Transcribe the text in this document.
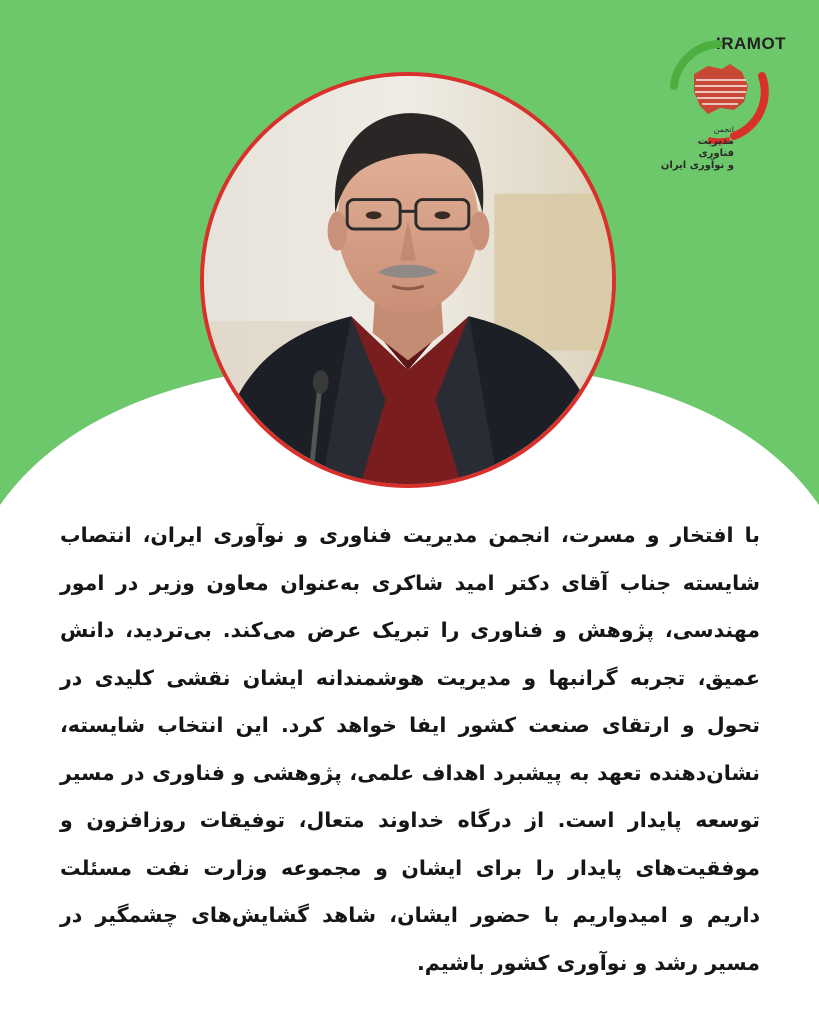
IRAMOT

انجمن
مدیریت فناوری
و نوآوری ایران

با افتخار و مسرت، انجمن مدیریت فناوری و نوآوری ایران، انتصاب شایسته جناب آقای دکتر امید شاکری به‌عنوان معاون وزیر در امور مهندسی، پژوهش و فناوری را تبریک عرض می‌کند. بی‌تردید، دانش عمیق، تجربه گرانبها و مدیریت هوشمندانه ایشان نقشی کلیدی در تحول و ارتقای صنعت کشور ایفا خواهد کرد. این انتخاب شایسته، نشان‌دهنده تعهد به پیشبرد اهداف علمی، پژوهشی و فناوری در مسیر توسعه پایدار است. از درگاه خداوند متعال، توفیقات روزافزون و موفقیت‌های پایدار را برای ایشان و مجموعه وزارت نفت مسئلت داریم و امیدواریم با حضور ایشان، شاهد گشایش‌های چشمگیر در مسیر رشد و نوآوری کشور باشیم.
